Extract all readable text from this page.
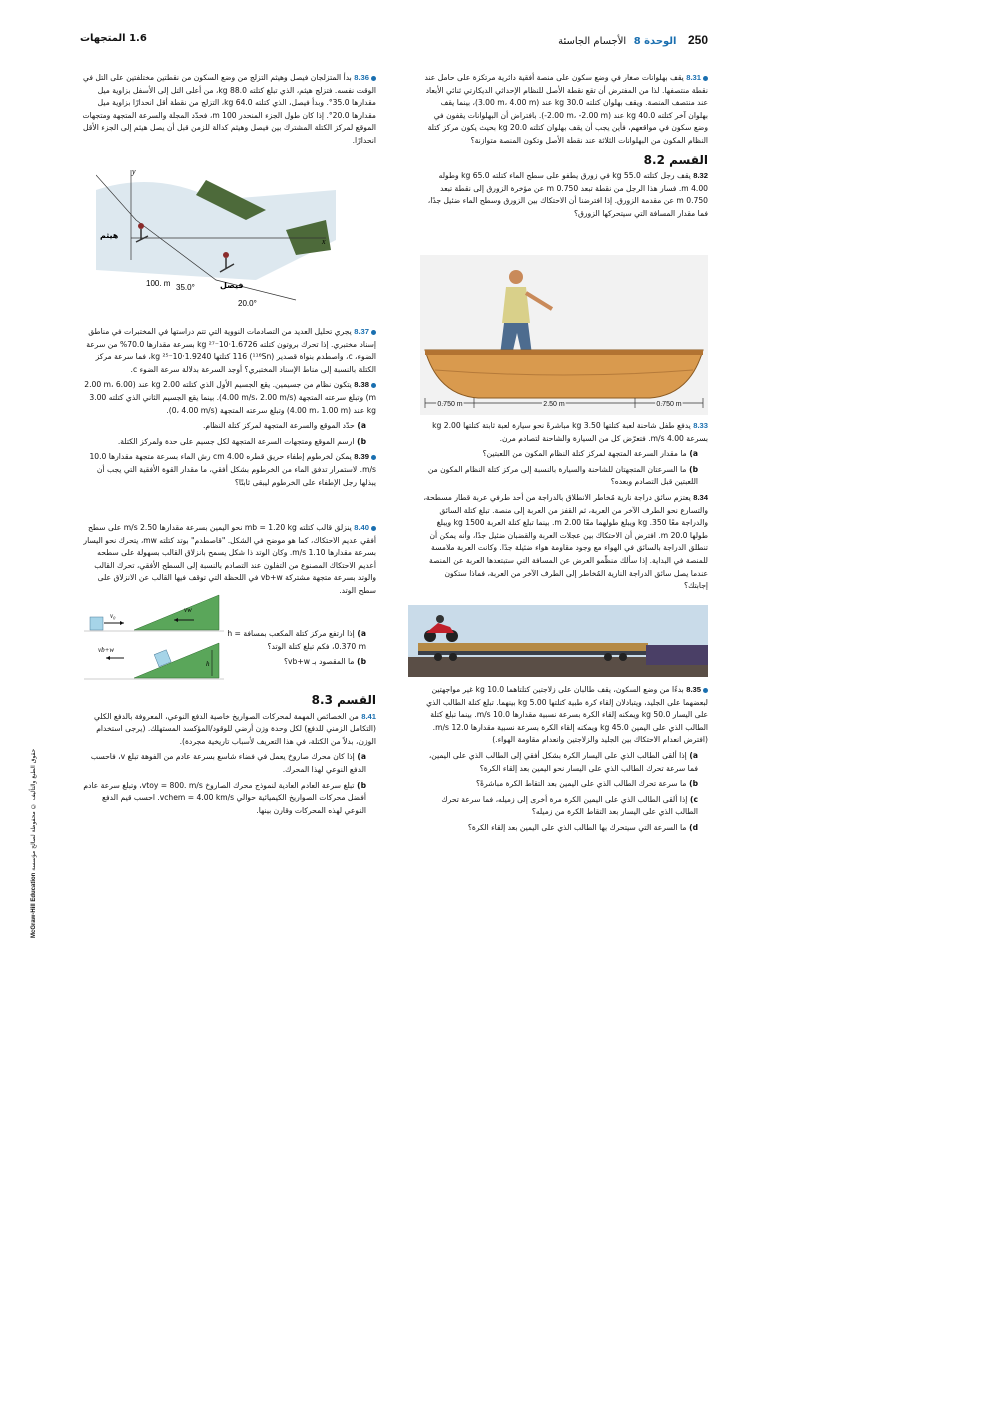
250 الوحدة 8 الأجسام الجاسئة
1.6 المتجهات
McGraw-Hill Education حقوق الطبع والتأليف © محفوظة لصالح مؤسسة

8.31 يقف بهلوانات صغار في وضع سكون على منصة أفقية دائرية مرتكزة على حامل عند نقطة منتصفها. لذا من المفترض أن تقع نقطة الأصل للنظام الإحداثي الديكارتي ثنائي الأبعاد عند منتصف المنصة. ويقف بهلوان كتلته 30.0 kg عند (‎3.00 m، 4.00 m)، بينما يقف بهلوان آخر كتلته 40.0 kg عند (‎-2.00 m، -2.00 m). بافتراض أن البهلوانات يقفون في وضع سكون في مواقعهم، فأين يجب أن يقف بهلوان كتلته 20.0 kg بحيث يكون مركز كتلة النظام المكون من البهلوانات الثلاثة عند نقطة الأصل وتكون المنصة متوازنة؟

القسم 8.2

8.32 يقف رجل كتلته 55.0 kg في زورق يطفو على سطح الماء كتلته 65.0 kg وطوله 4.00 m. فسار هذا الرجل من نقطة تبعد 0.750 m عن مؤخرة الزورق إلى نقطة تبعد 0.750 m عن مقدمة الزورق. إذا افترضنا أن الاحتكاك بين الزورق وسطح الماء ضئيل جدًا، فما مقدار المسافة التي سيتحركها الزورق؟

0.750 m	2.50 m	0.750 m

8.33 يدفع طفل شاحنة لعبة كتلتها 3.50 kg مباشرةً نحو سيارة لعبة ثابتة كتلتها 2.00 kg بسرعة 4.00 m/s. فتعرّض كل من السيارة والشاحنة لتصادم مرن.

a) ما مقدار السرعة المتجهة لمركز كتلة النظام المكون من اللعبتين؟

b) ما السرعتان المتجهتان للشاحنة والسيارة بالنسبة إلى مركز كتلة النظام المكون من اللعبتين قبل التصادم وبعده؟

8.34 يعتزم سائق دراجة نارية مُخاطر الانطلاق بالدراجة من أحد طرفي عربة قطار مسطحة، والتسارع نحو الطرف الآخر من العربة، ثم القفز من العربة إلى منصة. تبلغ كتلة السائق والدراجة معًا 350. kg ويبلغ طولهما معًا 2.00 m. بينما تبلغ كتلة العربة 1500 kg ويبلغ طولها 20.0 m. افترض أن الاحتكاك بين عجلات العربة والقضبان ضئيل جدًا، وأنه يمكن أن تنطلق الدراجة بالسائق في الهواء مع وجود مقاومة هواء ضئيلة جدًا. وكانت العربة ملامسة للمنصة في البداية. إذا سألك منظّمو العرض عن المسافة التي ستبتعدها العربة عن المنصة عندما يصل سائق الدراجة النارية المُخاطر إلى الطرف الآخر من العربة، فماذا ستكون إجابتك؟

8.35 بدءًا من وضع السكون، يقف طالبان على زلاجتين كتلتاهما 10.0 kg غير مواجهتين لبعضهما على الجليد، ويتبادلان إلقاء كرة طبية كتلتها 5.00 kg بينهما. تبلغ كتلة الطالب الذي على اليسار 50.0 kg ويمكنه إلقاء الكرة بسرعة نسبية مقدارها 10.0 m/s. بينما تبلغ كتلة الطالب الذي على اليمين 45.0 kg ويمكنه إلقاء الكرة بسرعة نسبية مقدارها 12.0 m/s. (افترض انعدام الاحتكاك بين الجليد والزلاجتين وانعدام مقاومة الهواء.)

a) إذا ألقى الطالب الذي على اليسار الكرة بشكل أفقي إلى الطالب الذي على اليمين، فما سرعة تحرك الطالب الذي على اليسار نحو اليمين بعد إلقاء الكرة؟

b) ما سرعة تحرك الطالب الذي على اليمين بعد التقاط الكرة مباشرةً؟

c) إذا ألقى الطالب الذي على اليمين الكرة مرة أخرى إلى زميله، فما سرعة تحرك الطالب الذي على اليسار بعد التقاط الكرة من زميله؟

d) ما السرعة التي سيتحرك بها الطالب الذي على اليمين بعد إلقاء الكرة؟

8.36 بدأ المتزلجان فيصل وهيثم التزلج من وضع السكون من نقطتين مختلفتين على التل في الوقت نفسه. فتزلج هيثم، الذي تبلغ كتلته 88.0 kg، من أعلى التل إلى الأسفل بزاوية ميل مقدارها 35.0°. وبدأ فيصل، الذي كتلته 64.0 kg، التزلج من نقطة أقل انحدارًا بزاوية ميل مقدارها 20.0°. إذا كان طول الجزء المنحدر 100 m، فحدّد المجلة والسرعة المتجهة ومتجهات الموقع لمركز الكتلة المشترك بين فيصل وهيثم كدالة للزمن قبل أن يصل هيثم إلى الجزء الأقل انحدارًا.

y
x
هيثم
فيصل
100. m 35.0°
20.0°

8.37 يجري تحليل العديد من التصادمات النووية التي تتم دراستها في المختبرات في مناطق إسناد مختبري. إذا تحرك بروتون كتلته 1.6726·10⁻²⁷ kg بسرعة مقدارها 70.0% من سرعة الضوء، c، واصطدم بنواة قصدير (¹¹⁶Sn) 116 كتلتها 1.9240·10⁻²⁵ kg، فما سرعة مركز الكتلة بالنسبة إلى مناط الإسناد المختبري؟ أوجد السرعة بدلالة سرعة الضوء c.

8.38 يتكون نظام من جسيمين. يقع الجسيم الأول الذي كتلته 2.00 kg عند (‎2.00 m، 6.00 m) وتبلغ سرعته المتجهة (‎4.00 m/s، 2.00 m/s). بينما يقع الجسيم الثاني الذي كتلته 3.00 kg عند (‎4.00 m، 1.00 m) وتبلغ سرعته المتجهة (‎0، 4.00 m/s).

a) حدّد الموقع والسرعة المتجهة لمركز كتلة النظام.

b) ارسم الموقع ومتجهات السرعة المتجهة لكل جسيم على حدة ولمركز الكتلة.

8.39 يمكن لخرطوم إطفاء حريق قطره 4.00 cm رش الماء بسرعة متجهة مقدارها 10.0 m/s. لاستمرار تدفق الماء من الخرطوم بشكل أفقي، ما مقدار القوة الأفقية التي يجب أن يبذلها رجل الإطفاء على الخرطوم ليبقى ثابتًا؟

8.40 ينزلق قالب كتلته mb = 1.20 kg نحو اليمين بسرعة مقدارها 2.50 m/s على سطح أفقي عديم الاحتكاك، كما هو موضح في الشكل. "قاصطدم" بوتد كتلته mw، يتحرك نحو اليسار بسرعة مقدارها 1.10 m/s. وكان الوتد ذا شكل يسمح بانزلاق القالب بسهولة على سطحه أعديم الاحتكاك المصنوع من التفلون عند التصادم بالنسبة إلى السطح الأفقي، تحرك القالب والوتد بسرعة متجهة مشتركة vb+w في اللحظة التي توقف فيها القالب عن الانزلاق على سطح الوتد.

a) إذا ارتفع مركز كتلة المكعب بمسافة h = 0.370 m، فكم تبلغ كتلة الوتد؟

b) ما المقصود بـ vb+w؟

v₀
vw
vb+w
h
القسم 8.3

8.41 من الخصائص المهمة لمحركات الصواريخ خاصية الدفع النوعي، المعروفة بالدفع الكلي (التكامل الزمني للدفع) لكل وحدة وزن أرضي للوقود/المؤكسد المستهلك. (يرجى استخدام الوزن، بدلاً من الكتلة، في هذا التعريف لأسباب تاريخية مجردة).

a) إذا كان محرك صاروخ يعمل في فضاء شاسع بسرعة عادم من الفوهة تبلغ v، فاحسب الدفع النوعي لهذا المحرك.

b) تبلغ سرعة العادم العادية لنموذج محرك الصاروخ vtoy = 800. m/s، وتبلغ سرعة عادم أفضل محركات الصواريخ الكيميائية حوالي vchem = 4.00 km/s. احسب قيم الدفع النوعي لهذه المحركات وقارن بينها.
